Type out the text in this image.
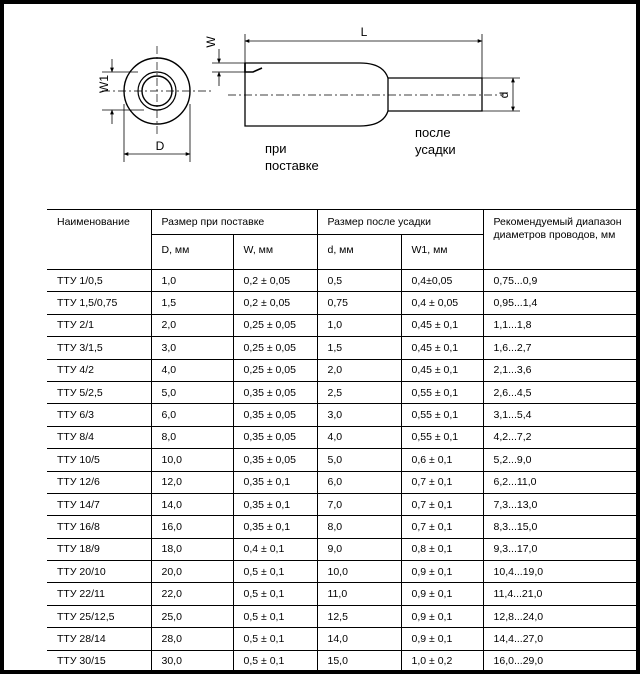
W1
D
W
L
d
при
поставке
после
усадки
Наименование	Размер при поставке		Размер после усадки		Рекомендуемый диапазон диаметров проводов, мм
	D, мм	W, мм	d, мм	W1, мм	
ТТУ 1/0,5	1,0	0,2 ± 0,05	0,5	0,4±0,05	0,75...0,9
ТТУ 1,5/0,75	1,5	0,2 ± 0,05	0,75	0,4 ± 0,05	0,95...1,4
ТТУ 2/1	2,0	0,25 ± 0,05	1,0	0,45 ± 0,1	1,1...1,8
ТТУ 3/1,5	3,0	0,25 ± 0,05	1,5	0,45 ± 0,1	1,6...2,7
ТТУ 4/2	4,0	0,25 ± 0,05	2,0	0,45 ± 0,1	2,1...3,6
ТТУ 5/2,5	5,0	0,35 ± 0,05	2,5	0,55 ± 0,1	2,6...4,5
ТТУ 6/3	6,0	0,35 ± 0,05	3,0	0,55 ± 0,1	3,1...5,4
ТТУ 8/4	8,0	0,35 ± 0,05	4,0	0,55 ± 0,1	4,2...7,2
ТТУ 10/5	10,0	0,35 ± 0,05	5,0	0,6 ± 0,1	5,2...9,0
ТТУ 12/6	12,0	0,35 ± 0,1	6,0	0,7 ± 0,1	6,2...11,0
ТТУ 14/7	14,0	0,35 ± 0,1	7,0	0,7 ± 0,1	7,3...13,0
ТТУ 16/8	16,0	0,35 ± 0,1	8,0	0,7 ± 0,1	8,3...15,0
ТТУ 18/9	18,0	0,4 ± 0,1	9,0	0,8 ± 0,1	9,3...17,0
ТТУ 20/10	20,0	0,5 ± 0,1	10,0	0,9 ± 0,1	10,4...19,0
ТТУ 22/11	22,0	0,5 ± 0,1	11,0	0,9 ± 0,1	11,4...21,0
ТТУ 25/12,5	25,0	0,5 ± 0,1	12,5	0,9 ± 0,1	12,8...24,0
ТТУ 28/14	28,0	0,5 ± 0,1	14,0	0,9 ± 0,1	14,4...27,0
ТТУ 30/15	30,0	0,5 ± 0,1	15,0	1,0 ± 0,2	16,0...29,0
